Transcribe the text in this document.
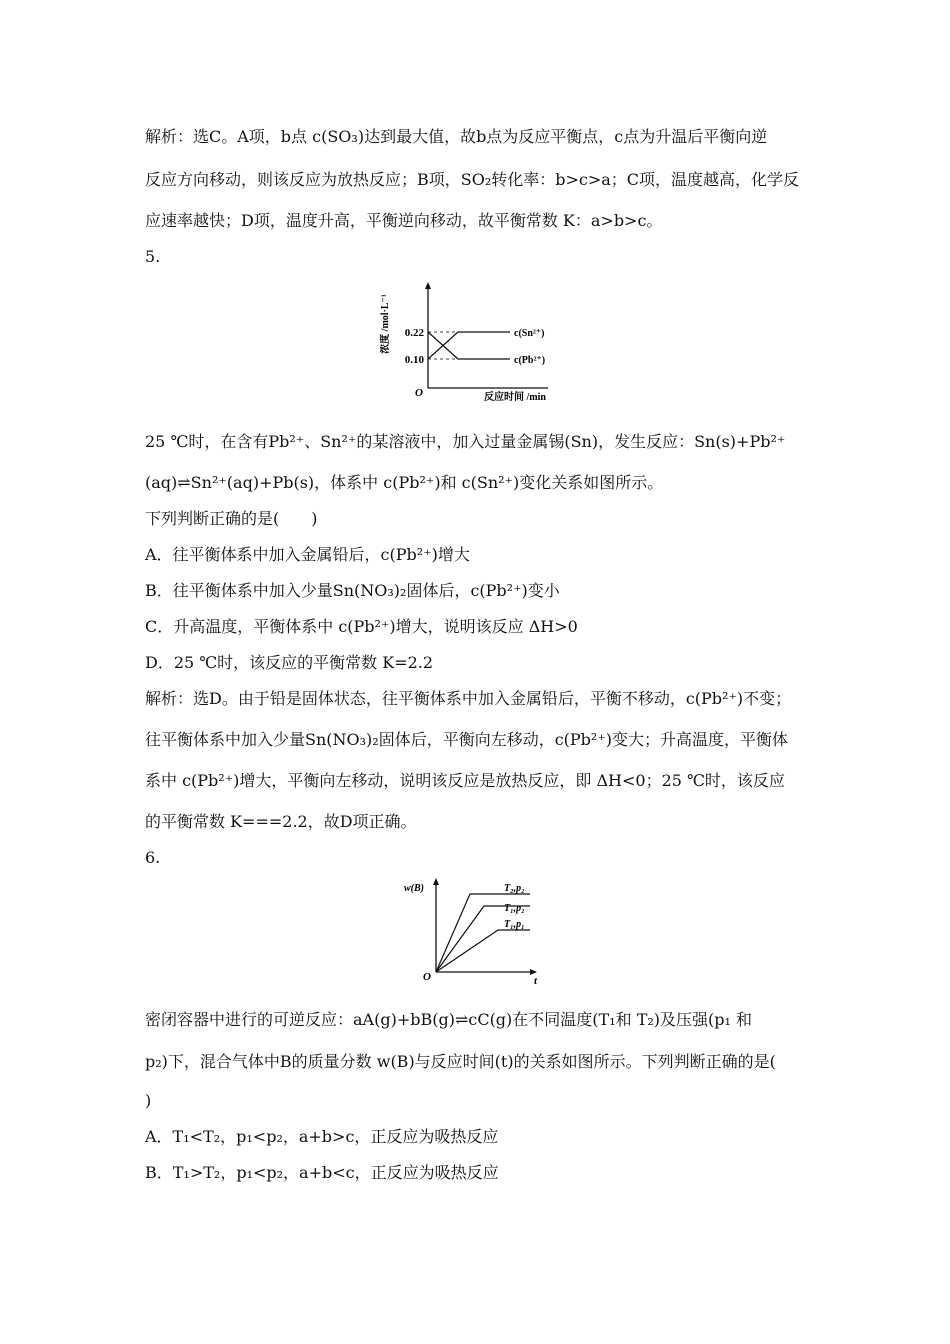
解析：选C。A项，b点 c(SO₃)达到最大值，故b点为反应平衡点，c点为升温后平衡向逆
反应方向移动，则该反应为放热反应；B项，SO₂转化率：b>c>a；C项，温度越高，化学反
应速率越快；D项，温度升高，平衡逆向移动，故平衡常数 K：a>b>c。
5.
浓度 /mol·L⁻¹ 0.22
0.10
O
c(Sn²⁺)
c(Pb²⁺)
反应时间 /min
25 ℃时，在含有Pb²⁺、Sn²⁺的某溶液中，加入过量金属锡(Sn)，发生反应：Sn(s)+Pb²⁺
(aq)⇌Sn²⁺(aq)+Pb(s)，体系中 c(Pb²⁺)和 c(Sn²⁺)变化关系如图所示。
下列判断正确的是(　　)
A．往平衡体系中加入金属铅后，c(Pb²⁺)增大
B．往平衡体系中加入少量Sn(NO₃)₂固体后，c(Pb²⁺)变小
C．升高温度，平衡体系中 c(Pb²⁺)增大，说明该反应 ΔH>0
D．25 ℃时，该反应的平衡常数 K=2.2
解析：选D。由于铅是固体状态，往平衡体系中加入金属铅后，平衡不移动，c(Pb²⁺)不变；
往平衡体系中加入少量Sn(NO₃)₂固体后，平衡向左移动，c(Pb²⁺)变大；升高温度，平衡体
系中 c(Pb²⁺)增大，平衡向左移动，说明该反应是放热反应，即 ΔH<0；25 ℃时，该反应
的平衡常数 K===2.2，故D项正确。
6.
w(B)
O	t
T₂,p₂
T₁,p₂
T₁,p₁
密闭容器中进行的可逆反应：aA(g)+bB(g)⇌cC(g)在不同温度(T₁和 T₂)及压强(p₁ 和
p₂)下，混合气体中B的质量分数 w(B)与反应时间(t)的关系如图所示。下列判断正确的是(
)
A．T₁<T₂，p₁<p₂，a+b>c，正反应为吸热反应
B．T₁>T₂，p₁<p₂，a+b<c，正反应为吸热反应
